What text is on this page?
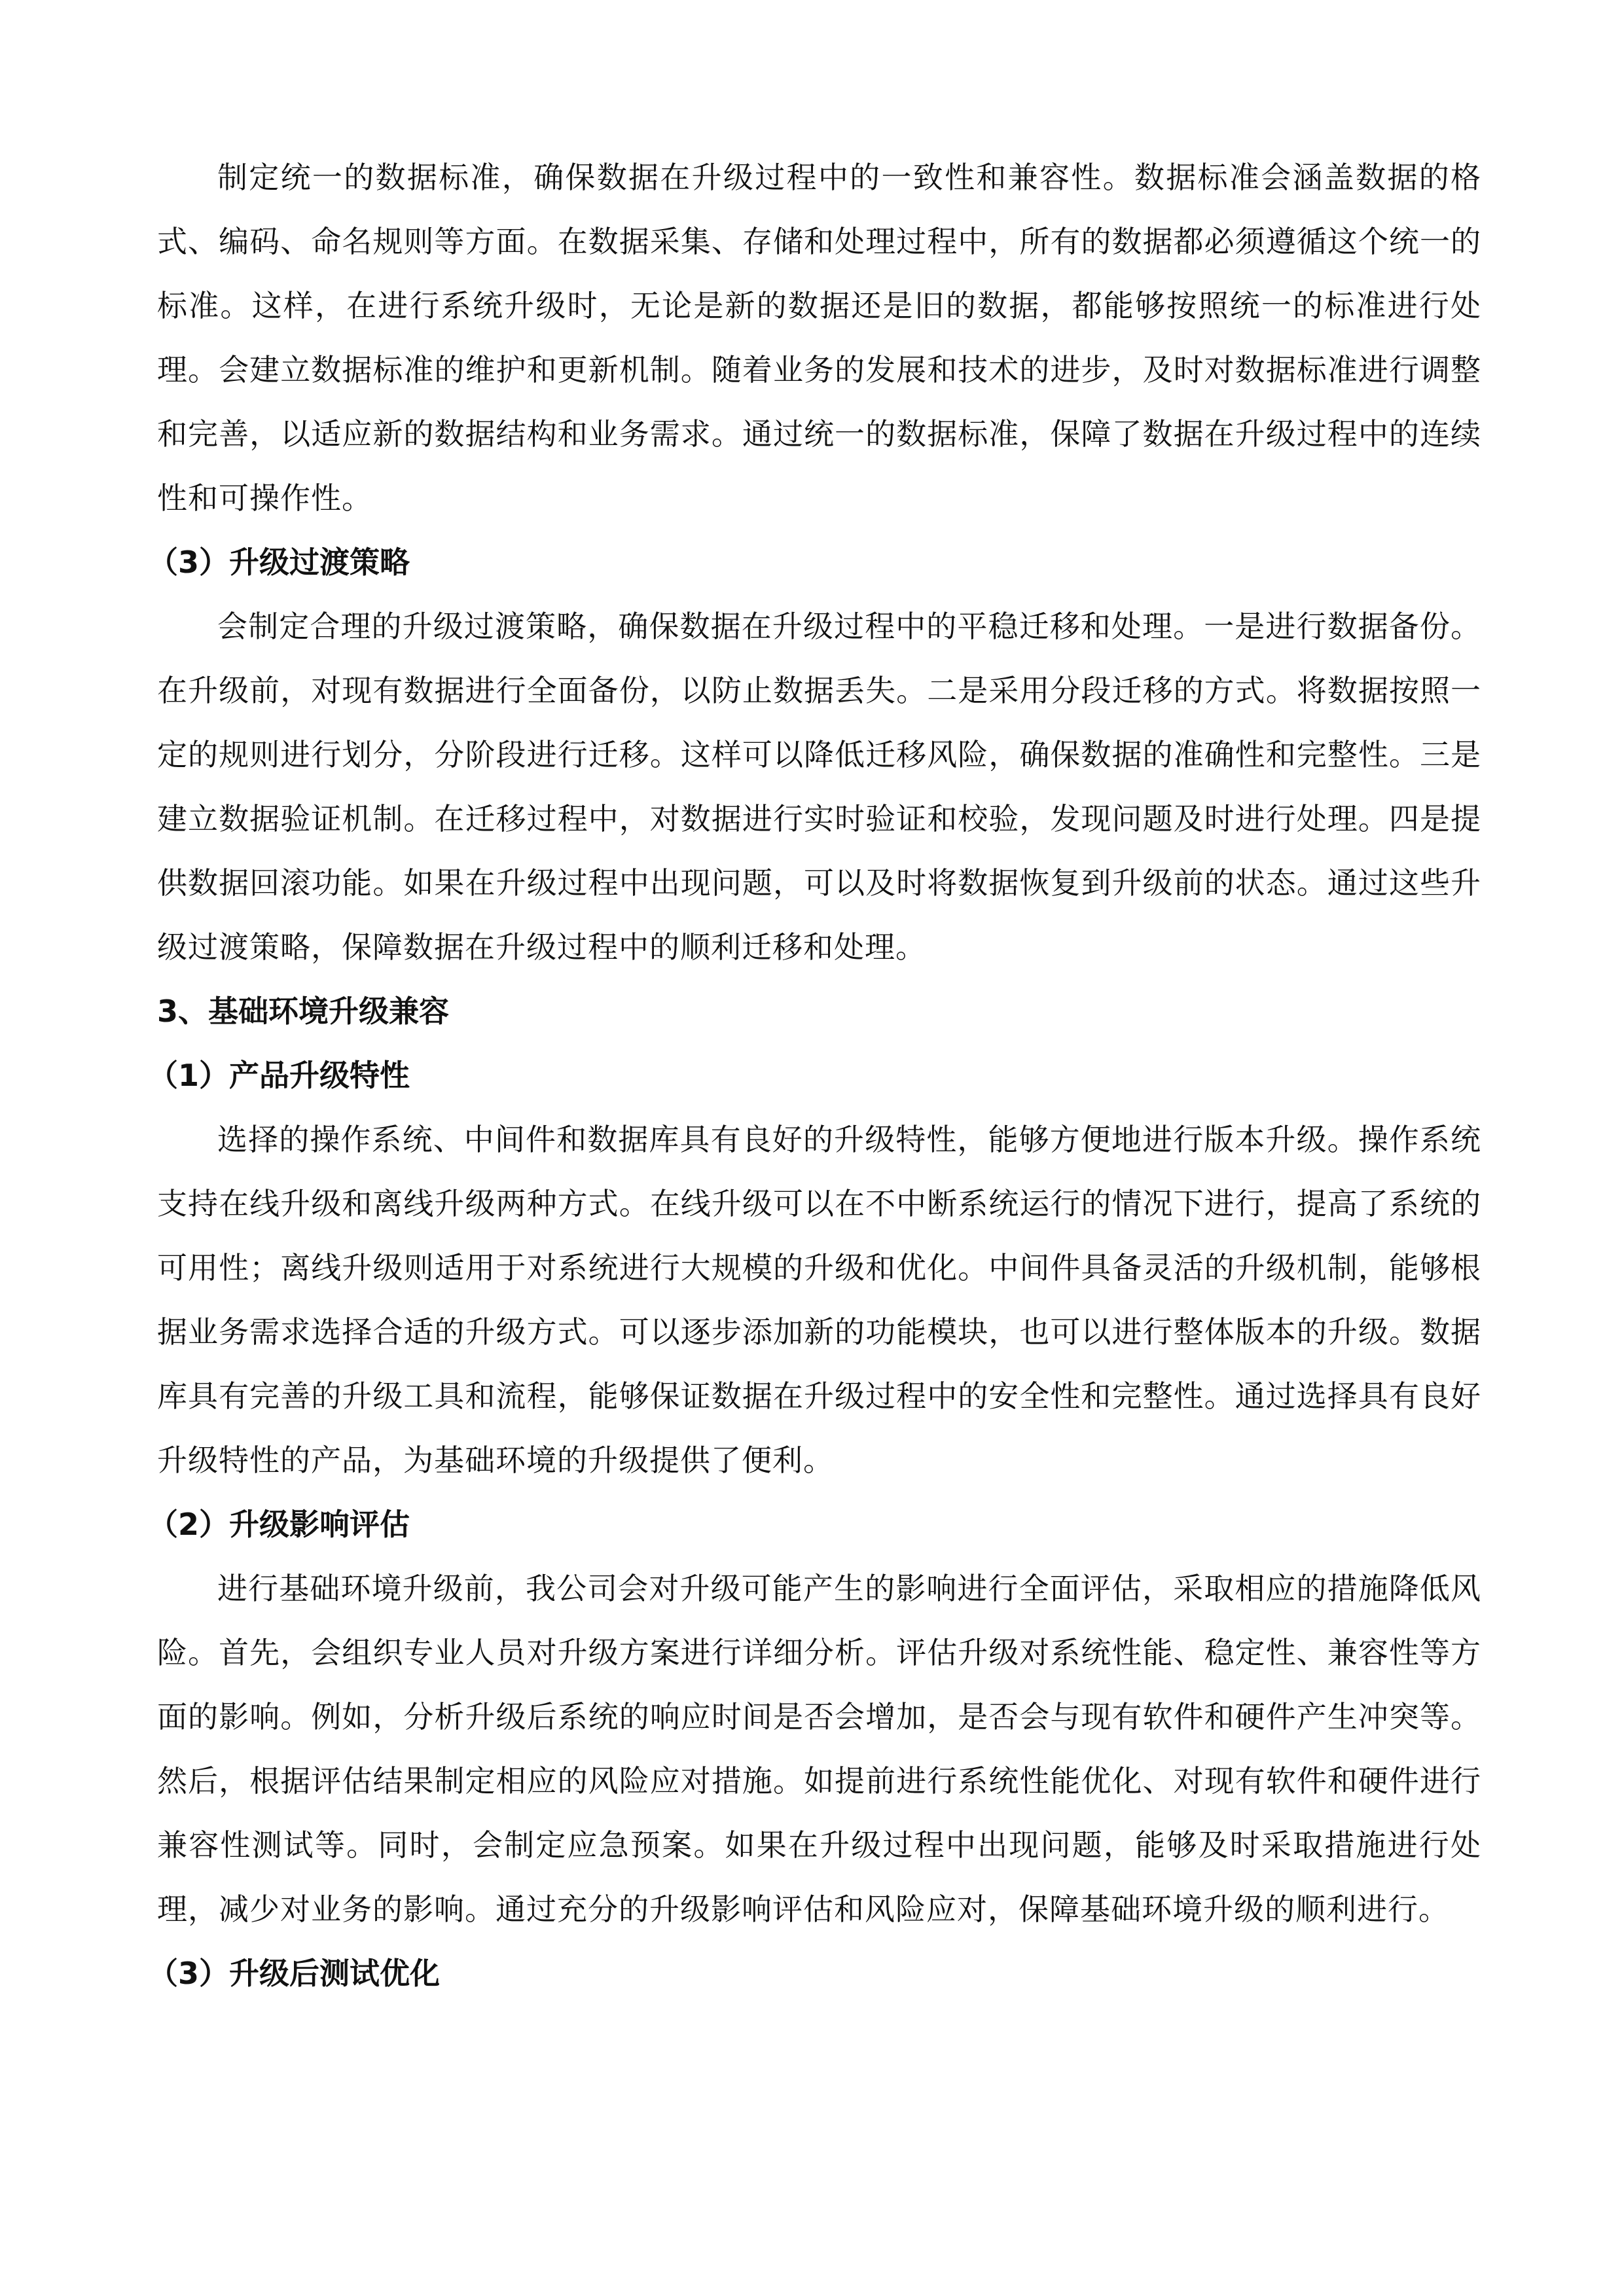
制定统一的数据标准，确保数据在升级过程中的一致性和兼容性。数据标准会涵盖数据的格式、编码、命名规则等方面。在数据采集、存储和处理过程中，所有的数据都必须遵循这个统一的标准。这样，在进行系统升级时，无论是新的数据还是旧的数据，都能够按照统一的标准进行处理。会建立数据标准的维护和更新机制。随着业务的发展和技术的进步，及时对数据标准进行调整和完善，以适应新的数据结构和业务需求。通过统一的数据标准，保障了数据在升级过程中的连续性和可操作性。

（3）升级过渡策略

会制定合理的升级过渡策略，确保数据在升级过程中的平稳迁移和处理。一是进行数据备份。在升级前，对现有数据进行全面备份，以防止数据丢失。二是采用分段迁移的方式。将数据按照一定的规则进行划分，分阶段进行迁移。这样可以降低迁移风险，确保数据的准确性和完整性。三是建立数据验证机制。在迁移过程中，对数据进行实时验证和校验，发现问题及时进行处理。四是提供数据回滚功能。如果在升级过程中出现问题，可以及时将数据恢复到升级前的状态。通过这些升级过渡策略，保障数据在升级过程中的顺利迁移和处理。

3、基础环境升级兼容

（1）产品升级特性

选择的操作系统、中间件和数据库具有良好的升级特性，能够方便地进行版本升级。操作系统支持在线升级和离线升级两种方式。在线升级可以在不中断系统运行的情况下进行，提高了系统的可用性；离线升级则适用于对系统进行大规模的升级和优化。中间件具备灵活的升级机制，能够根据业务需求选择合适的升级方式。可以逐步添加新的功能模块，也可以进行整体版本的升级。数据库具有完善的升级工具和流程，能够保证数据在升级过程中的安全性和完整性。通过选择具有良好升级特性的产品，为基础环境的升级提供了便利。

（2）升级影响评估

进行基础环境升级前，我公司会对升级可能产生的影响进行全面评估，采取相应的措施降低风险。首先，会组织专业人员对升级方案进行详细分析。评估升级对系统性能、稳定性、兼容性等方面的影响。例如，分析升级后系统的响应时间是否会增加，是否会与现有软件和硬件产生冲突等。然后，根据评估结果制定相应的风险应对措施。如提前进行系统性能优化、对现有软件和硬件进行兼容性测试等。同时，会制定应急预案。如果在升级过程中出现问题，能够及时采取措施进行处理，减少对业务的影响。通过充分的升级影响评估和风险应对，保障基础环境升级的顺利进行。

（3）升级后测试优化
